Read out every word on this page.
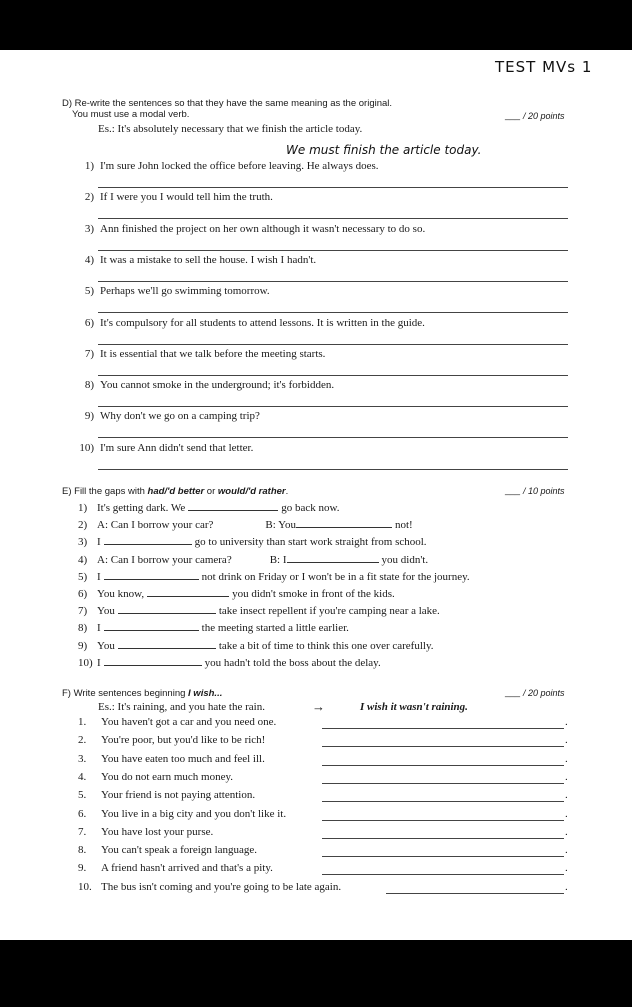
TEST MVs 1
D) Re-write the sentences so that they have the same meaning as the original.
You must use a modal verb.	___ / 20 points
Es.: It's absolutely necessary that we finish the article today.
We must finish the article today.
1) I'm sure John locked the office before leaving. He always does.
2) If I were you I would tell him the truth.
3) Ann finished the project on her own although it wasn't necessary to do so.
4) It was a mistake to sell the house. I wish I hadn't.
5) Perhaps we'll go swimming tomorrow.
6) It's compulsory for all students to attend lessons. It is written in the guide.
7) It is essential that we talk before the meeting starts.
8) You cannot smoke in the underground; it's forbidden.
9) Why don't we go on a camping trip?
10) I'm sure Ann didn't send that letter.
E) Fill the gaps with had/'d better or would/'d rather.	___ / 10 points
1) It's getting dark. We	go back now.
2) A: Can I borrow your car?	B: You	not!
3) I	go to university than start work straight from school.
4) A: Can I borrow your camera?	B: I	you didn't.
5) I	not drink on Friday or I won't be in a fit state for the journey.
6) You know,	you didn't smoke in front of the kids.
7) You	take insect repellent if you're camping near a lake.
8) I	the meeting started a little earlier.
9) You	take a bit of time to think this one over carefully.
10) I	you hadn't told the boss about the delay.
F) Write sentences beginning I wish...	___ / 20 points
Es.: It's raining, and you hate the rain.	→	I wish it wasn't raining.
1. You haven't got a car and you need one.	.
2. You're poor, but you'd like to be rich!	.
3. You have eaten too much and feel ill.	.
4. You do not earn much money.	.
5. Your friend is not paying attention.	.
6. You live in a big city and you don't like it.	.
7. You have lost your purse.	.
8. You can't speak a foreign language.	.
9. A friend hasn't arrived and that's a pity.	.
10. The bus isn't coming and you're going to be late again.	.
